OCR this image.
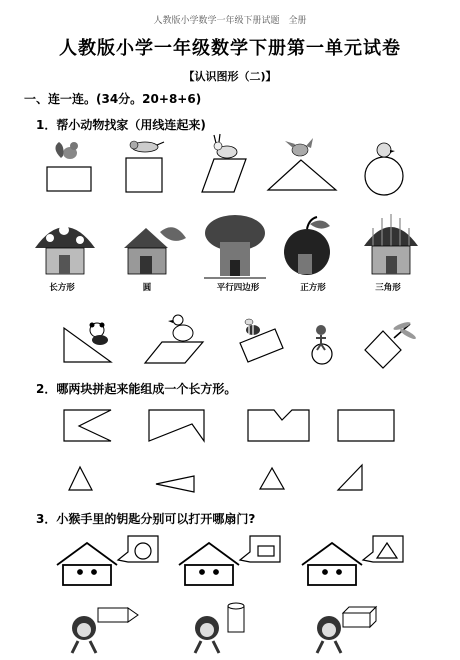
人教版小学数学一年级下册试题　全册
人教版小学一年级数学下册第一单元试卷
【认识图形（二)】
一、连一连。(34分。20+8+6)
1．帮小动物找家（用线连起来)
2．哪两块拼起来能组成一个长方形。
3．小猴手里的钥匙分别可以打开哪扇门?
长方形	圆	平行四边形	正方形	三角形
